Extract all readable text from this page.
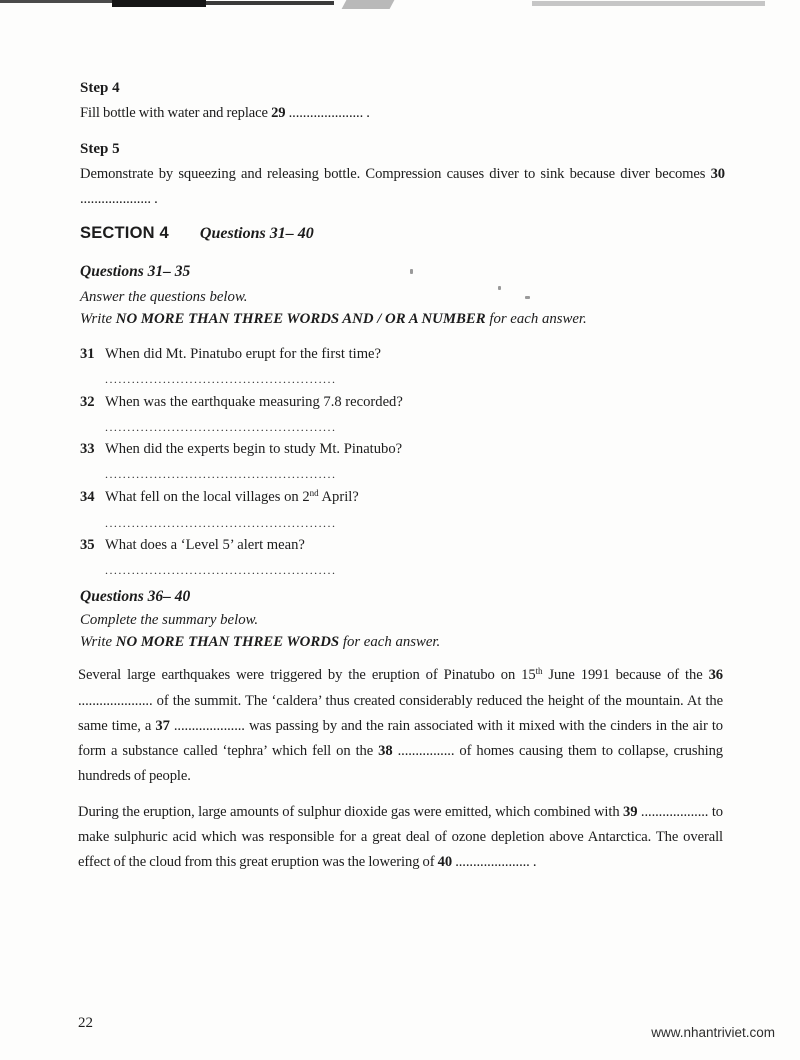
Step 4
Fill bottle with water and replace 29 ..................... .
Step 5
Demonstrate by squeezing and releasing bottle. Compression causes diver to sink because diver becomes 30 .................... .
SECTION 4 Questions 31– 40
Questions 31– 35
Answer the questions below.
Write NO MORE THAN THREE WORDS AND / OR A NUMBER for each answer.
31 When did Mt. Pinatubo erupt for the first time?
....................................................
32 When was the earthquake measuring 7.8 recorded?
....................................................
33 When did the experts begin to study Mt. Pinatubo?
....................................................
34 What fell on the local villages on 2nd April?
....................................................
35 What does a ‘Level 5’ alert mean?
....................................................
Questions 36– 40
Complete the summary below.
Write NO MORE THAN THREE WORDS for each answer.
Several large earthquakes were triggered by the eruption of Pinatubo on 15th June 1991 because of the 36 ..................... of the summit. The ‘caldera’ thus created considerably reduced the height of the mountain. At the same time, a 37 .................... was passing by and the rain associated with it mixed with the cinders in the air to form a substance called ‘tephra’ which fell on the 38 ................ of homes causing them to collapse, crushing hundreds of people.
During the eruption, large amounts of sulphur dioxide gas were emitted, which combined with 39 ................... to make sulphuric acid which was responsible for a great deal of ozone depletion above Antarctica. The overall effect of the cloud from this great eruption was the lowering of 40 ..................... .
22
www.nhantriviet.com
